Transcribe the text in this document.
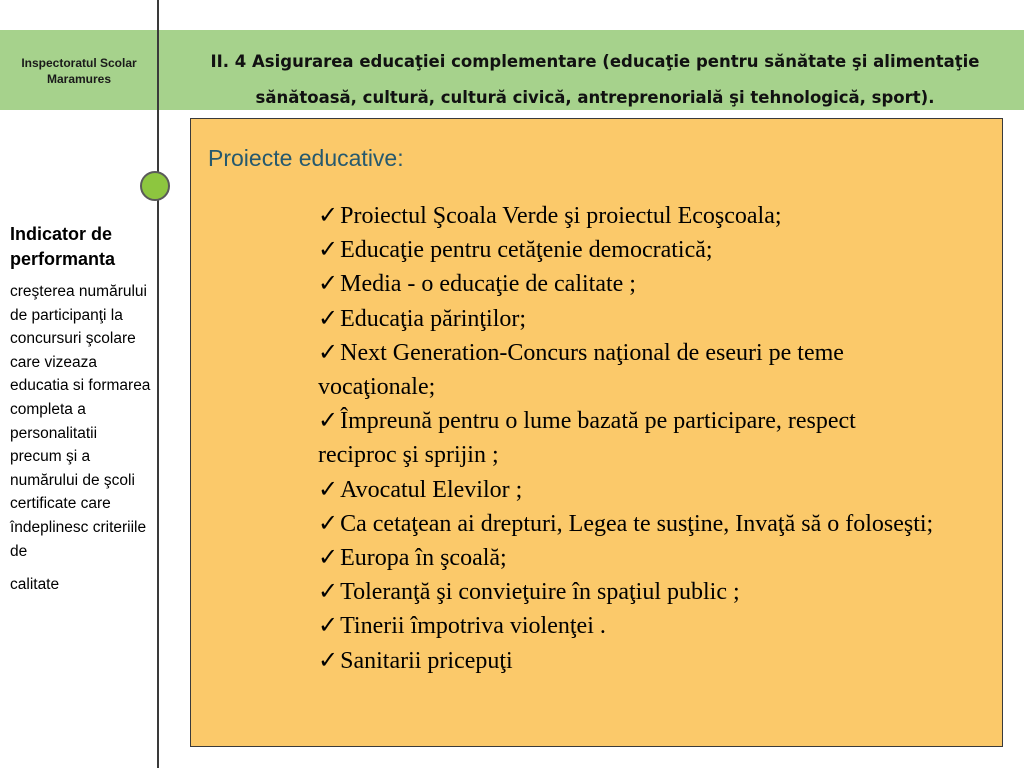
Inspectoratul Scolar Maramures
II. 4 Asigurarea educaţiei complementare (educaţie pentru sănătate şi alimentaţie sănătoasă, cultură, cultură civică, antreprenorială şi tehnologică, sport).
Indicator de performanta
creşterea numărului de participanţi la concursuri şcolare care vizeaza educatia si formarea completa a personalitatii precum şi a numărului de şcoli certificate care îndeplinesc criteriile de
calitate
Proiecte educative:
✓Proiectul Şcoala Verde şi proiectul Ecoşcoala;
✓Educaţie pentru cetăţenie democratică;
✓Media - o educaţie de calitate ;
✓Educaţia părinţilor;
✓Next Generation-Concurs naţional de eseuri pe teme vocaţionale;
✓Împreună pentru o lume bazată pe participare, respect reciproc şi sprijin ;
✓Avocatul Elevilor ;
✓Ca cetaţean ai drepturi, Legea te susţine, Invaţă să o foloseşti;
✓Europa în şcoală;
✓Toleranţă şi convieţuire în spaţiul public ;
✓Tinerii împotriva violenţei .
✓Sanitarii pricepuţi
